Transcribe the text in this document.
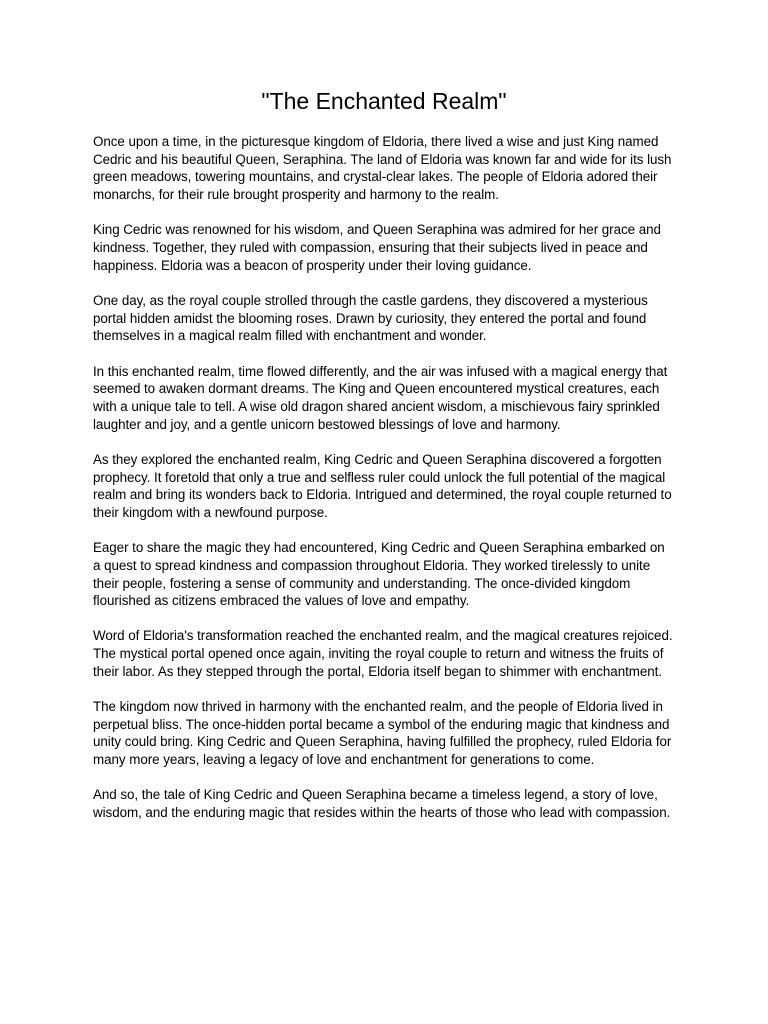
"The Enchanted Realm"

Once upon a time, in the picturesque kingdom of Eldoria, there lived a wise and just King named Cedric and his beautiful Queen, Seraphina. The land of Eldoria was known far and wide for its lush green meadows, towering mountains, and crystal-clear lakes. The people of Eldoria adored their monarchs, for their rule brought prosperity and harmony to the realm.

King Cedric was renowned for his wisdom, and Queen Seraphina was admired for her grace and kindness. Together, they ruled with compassion, ensuring that their subjects lived in peace and happiness. Eldoria was a beacon of prosperity under their loving guidance.

One day, as the royal couple strolled through the castle gardens, they discovered a mysterious portal hidden amidst the blooming roses. Drawn by curiosity, they entered the portal and found themselves in a magical realm filled with enchantment and wonder.

In this enchanted realm, time flowed differently, and the air was infused with a magical energy that seemed to awaken dormant dreams. The King and Queen encountered mystical creatures, each with a unique tale to tell. A wise old dragon shared ancient wisdom, a mischievous fairy sprinkled laughter and joy, and a gentle unicorn bestowed blessings of love and harmony.

As they explored the enchanted realm, King Cedric and Queen Seraphina discovered a forgotten prophecy. It foretold that only a true and selfless ruler could unlock the full potential of the magical realm and bring its wonders back to Eldoria. Intrigued and determined, the royal couple returned to their kingdom with a newfound purpose.

Eager to share the magic they had encountered, King Cedric and Queen Seraphina embarked on a quest to spread kindness and compassion throughout Eldoria. They worked tirelessly to unite their people, fostering a sense of community and understanding. The once-divided kingdom flourished as citizens embraced the values of love and empathy.

Word of Eldoria's transformation reached the enchanted realm, and the magical creatures rejoiced. The mystical portal opened once again, inviting the royal couple to return and witness the fruits of their labor. As they stepped through the portal, Eldoria itself began to shimmer with enchantment.

The kingdom now thrived in harmony with the enchanted realm, and the people of Eldoria lived in perpetual bliss. The once-hidden portal became a symbol of the enduring magic that kindness and unity could bring. King Cedric and Queen Seraphina, having fulfilled the prophecy, ruled Eldoria for many more years, leaving a legacy of love and enchantment for generations to come.

And so, the tale of King Cedric and Queen Seraphina became a timeless legend, a story of love, wisdom, and the enduring magic that resides within the hearts of those who lead with compassion.
